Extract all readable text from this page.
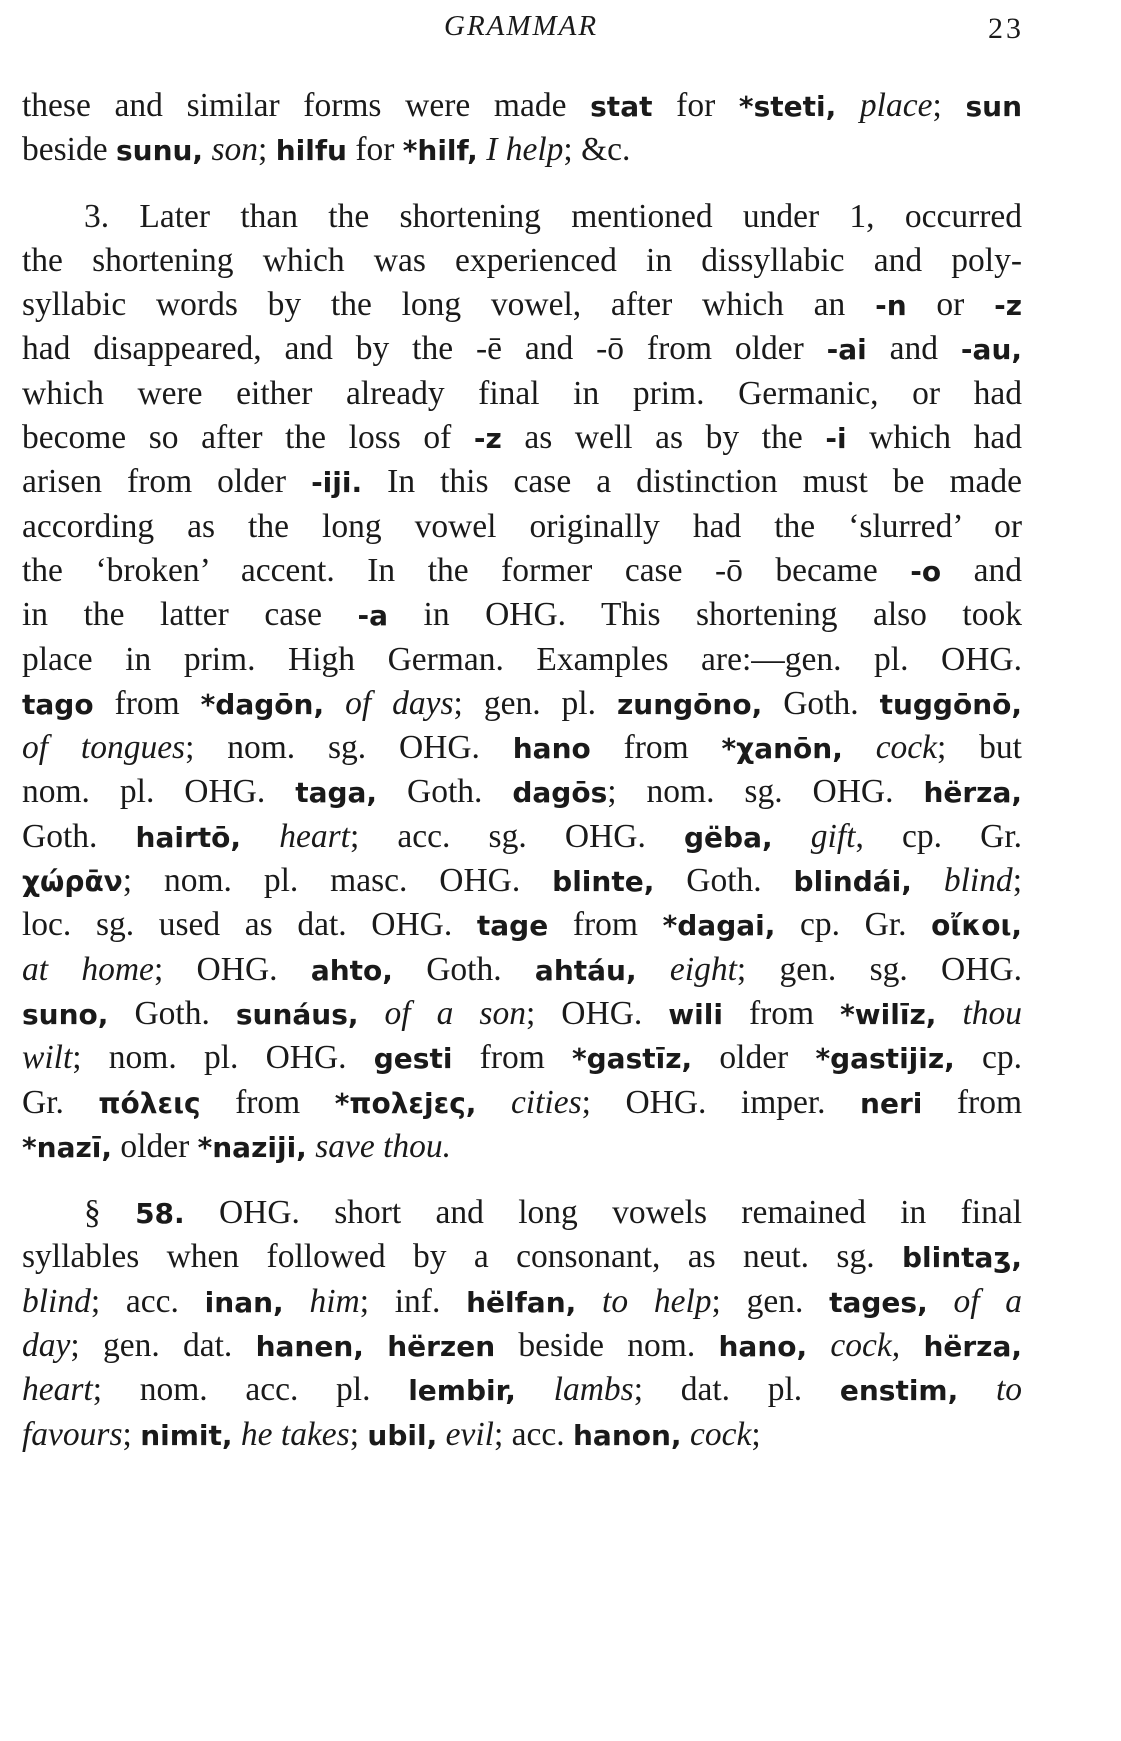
GRAMMAR	23
these and similar forms were made stat for *steti, place; sun
beside sunu, son; hilfu for *hilf, I help; &c.
3. Later than the shortening mentioned under 1, occurred
the shortening which was experienced in dissyllabic and poly-
syllabic words by the long vowel, after which an -n or -z
had disappeared, and by the -ē and -ō from older -ai and -au,
which were either already final in prim. Germanic, or had
become so after the loss of -z as well as by the -i which had
arisen from older -iji. In this case a distinction must be made
according as the long vowel originally had the ‘slurred’ or
the ‘broken’ accent. In the former case -ō became -o and
in the latter case -a in OHG. This shortening also took
place in prim. High German. Examples are:—gen. pl. OHG.
tago from *dagōn, of days; gen. pl. zungōno, Goth. tuggōnō,
of tongues; nom. sg. OHG. hano from *χanōn, cock; but
nom. pl. OHG. taga, Goth. dagōs; nom. sg. OHG. hërza,
Goth. hairtō, heart; acc. sg. OHG. gëba, gift, cp. Gr.
χώρᾱν; nom. pl. masc. OHG. blinte, Goth. blindái, blind;
loc. sg. used as dat. OHG. tage from *dagai, cp. Gr. οἴκοι,
at home; OHG. ahto, Goth. ahtáu, eight; gen. sg. OHG.
suno, Goth. sunáus, of a son; OHG. wili from *wilīz, thou
wilt; nom. pl. OHG. gesti from *gastīz, older *gastijiz, cp.
Gr. πόλεις from *πολεјες, cities; OHG. imper. neri from
*nazī, older *naziji, save thou.
§ 58. OHG. short and long vowels remained in final
syllables when followed by a consonant, as neut. sg. blintaʒ,
blind; acc. inan, him; inf. hëlfan, to help; gen. tages, of a
day; gen. dat. hanen, hërzen beside nom. hano, cock, hërza,
heart; nom. acc. pl. lembir, lambs; dat. pl. enstim, to
favours; nimit, he takes; ubil, evil; acc. hanon, cock;
